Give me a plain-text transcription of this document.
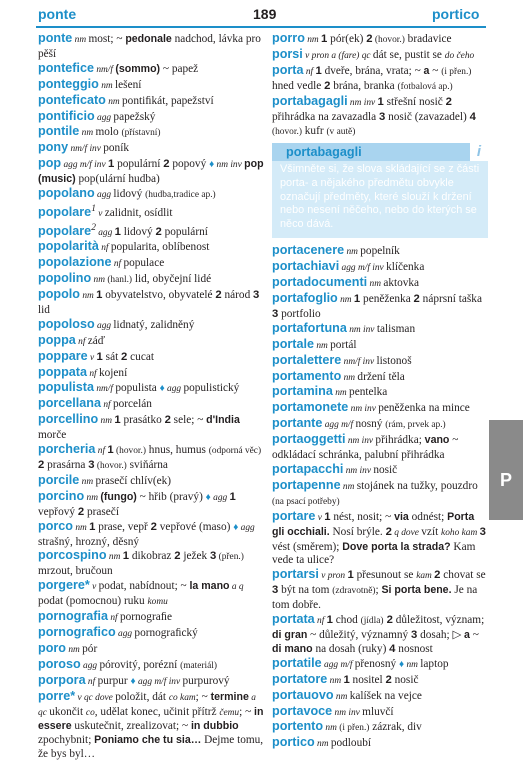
ponte	189	portico

ponte nm most; ~ pedonale nadchod, lávka pro pěší

ponteﬁce nm/f (sommo) ~ papež

ponteggio nm lešení

ponteﬁcato nm pontiﬁkát, papežství

pontiﬁcio agg papežský

pontile nm molo (přístavní)

pony nm/f inv poník

pop agg m/f inv 1 populární 2 popový ♦ nm inv pop (music) pop(ulární hudba)

popolano agg lidový (hudba,tradice ap.)

popolare$^1$ v zalidnit, osídlit

popolare$^2$ agg 1 lidový 2 populární

popolarità nf popularita, oblíbenost

popolazione nf populace

popolino nm (hanl.) lid, obyčejní lidé

popolo nm 1 obyvatelstvo, obyvatelé 2 národ 3 lid

popoloso agg lidnatý, zalidněný

poppa nf záď

poppare v 1 sát 2 cucat

poppata nf kojení

populista nm/f populista ♦ agg populistický

porcellana nf porcelán

porcellino nm 1 prasátko 2 sele; ~ d'India morče

porcheria nf 1 (hovor.) hnus, humus (odporná věc) 2 prasárna 3 (hovor.) sviňárna

porcile nm prasečí chlív(ek)

porcino nm (fungo) ~ hřib (pravý) ♦ agg 1 vepřový 2 prasečí

porco nm 1 prase, vepř 2 vepřové (maso) ♦ agg strašný, hrozný, děsný

porcospino nm 1 dikobraz 2 ježek 3 (přen.) mrzout, bručoun

porgere* v podat, nabídnout; ~ la mano a q podat (pomocnou) ruku komu

pornograﬁa nf pornograﬁe

pornograﬁco agg pornograﬁcký

poro nm pór

poroso agg pórovitý, porézní (materiál)

porpora nf purpur ♦ agg m/f inv purpurový

porre* v qc dove položit, dát co kam; ~ termine a qc ukončit co, udělat konec, učinit přítrž čemu; ~ in essere uskutečnit, zrealizovat; ~ in dubbio zpochybnit; Poniamo che tu sia… Dejme tomu, že bys byl…

porro nm 1 pór(ek) 2 (hovor.) bradavice

porsi v pron a (fare) qc dát se, pustit se do čeho

porta nf 1 dveře, brána, vrata; ~ a ~ (i přen.) hned vedle 2 brána, branka (fotbalová ap.)

portabagagli nm inv 1 střešní nosič 2 přihrádka na zavazadla 3 nosič (zavazadel) 4 (hovor.) kufr (v autě)

portabagagli	i
Všimněte si, že slova skládající se z části porta- a nějakého předmětu obvykle označují předměty, které slouží k držení nebo nesení něčeho, nebo do kterých se něco dává.

portacenere nm popelník

portachiavi agg m/f inv klíčenka

portadocumenti nm aktovka

portafoglio nm 1 peněženka 2 náprsní taška 3 portfolio

portafortuna nm inv talisman

portale nm portál

portalettere nm/f inv listonoš

portamento nm držení těla

portamina nm pentelka

portamonete nm inv peněženka na mince

portante agg m/f nosný (rám, prvek ap.)

portaoggetti nm inv přihrádka; vano ~ odkládací schránka, palubní přihrádka

portapacchi nm inv nosič

portapenne nm stojánek na tužky, pouzdro (na psací potřeby)

portare v 1 nést, nosit; ~ via odnést; Porta gli occhiali. Nosí brýle. 2 q dove vzít koho kam 3 vést (směrem); Dove porta la strada? Kam vede ta ulice?

portarsi v pron 1 přesunout se kam 2 chovat se 3 být na tom (zdravotně); Si porta bene. Je na tom dobře.

portata nf 1 chod (jídla) 2 důležitost, význam; di gran ~ důležitý, významný 3 dosah; ▷ a ~ di mano na dosah (ruky) 4 nosnost

portatile agg m/f přenosný ♦ nm laptop

portatore nm 1 nositel 2 nosič

portauovo nm kalíšek na vejce

portavoce nm inv mluvčí

portento nm (i přen.) zázrak, div

portico nm podloubí

P
